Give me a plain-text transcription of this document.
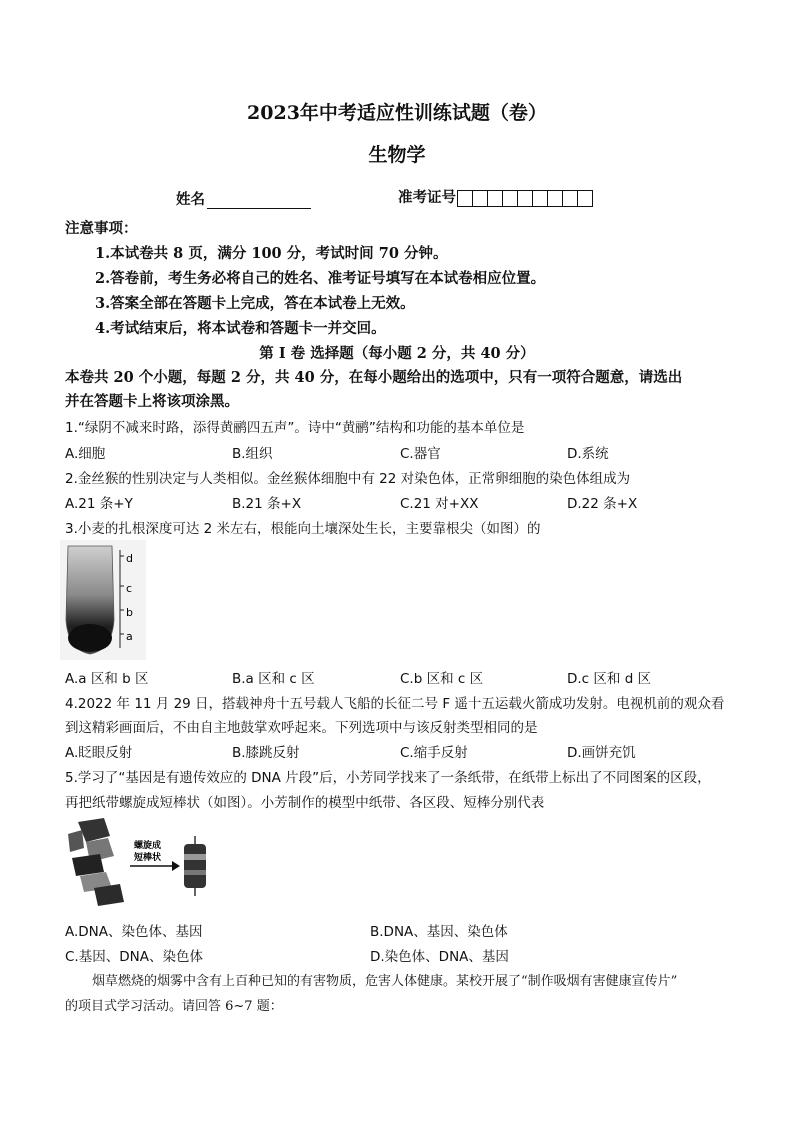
2023年中考适应性训练试题（卷）
生物学
姓名	准考证号
注意事项：
1.本试卷共 8 页，满分 100 分，考试时间 70 分钟。
2.答卷前，考生务必将自己的姓名、准考证号填写在本试卷相应位置。
3.答案全部在答题卡上完成，答在本试卷上无效。
4.考试结束后，将本试卷和答题卡一并交回。
第 I 卷 选择题（每小题 2 分，共 40 分）
本卷共 20 个小题，每题 2 分，共 40 分，在每小题给出的选项中，只有一项符合题意，请选出
并在答题卡上将该项涂黑。
1.“绿阴不减来时路，添得黄鹂四五声”。诗中“黄鹂”结构和功能的基本单位是
A.细胞	B.组织	C.器官	D.系统
2.金丝猴的性别决定与人类相似。金丝猴体细胞中有 22 对染色体，正常卵细胞的染色体组成为
A.21 条+Y	B.21 条+X	C.21 对+XX	D.22 条+X
3.小麦的扎根深度可达 2 米左右，根能向土壤深处生长，主要靠根尖（如图）的
d
c
b
a
A.a 区和 b 区	B.a 区和 c 区	C.b 区和 c 区	D.c 区和 d 区
4.2022 年 11 月 29 日，搭载神舟十五号载人飞船的长征二号 F 遥十五运载火箭成功发射。电视机前的观众看
到这精彩画面后，不由自主地鼓掌欢呼起来。下列选项中与该反射类型相同的是
A.眨眼反射	B.膝跳反射	C.缩手反射	D.画饼充饥
5.学习了“基因是有遗传效应的 DNA 片段”后，小芳同学找来了一条纸带，在纸带上标出了不同图案的区段，
再把纸带螺旋成短棒状（如图）。小芳制作的模型中纸带、各区段、短棒分别代表
螺旋成
短棒状
A.DNA、染色体、基因	B.DNA、基因、染色体
C.基因、DNA、染色体	D.染色体、DNA、基因
烟草燃烧的烟雾中含有上百种已知的有害物质，危害人体健康。某校开展了“制作吸烟有害健康宣传片”
的项目式学习活动。请回答 6~7 题：
